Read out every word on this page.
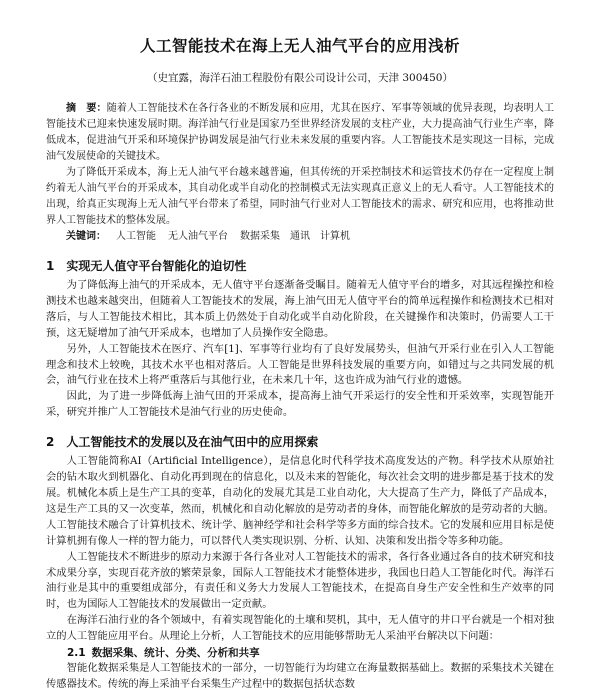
人工智能技术在海上无人油气平台的应用浅析

（史宜露，海洋石油工程股份有限公司设计公司，天津 300450）

摘　要：随着人工智能技术在各行各业的不断发展和应用，尤其在医疗、军事等领域的优异表现，均表明人工智能技术已迎来快速发展时期。海洋油气行业是国家乃至世界经济发展的支柱产业，大力提高油气行业生产率，降低成本，促进油气开采和环境保护协调发展是油气行业未来发展的重要内容。人工智能技术是实现这一目标，完成油气发展使命的关键技术。

为了降低开采成本，海上无人油气平台越来越普遍，但其传统的开采控制技术和运管技术仍存在一定程度上制约着无人油气平台的开采成本，其自动化或半自动化的控制模式无法实现真正意义上的无人看守。人工智能技术的出现，给真正实现海上无人油气平台带来了希望，同时油气行业对人工智能技术的需求、研究和应用，也将推动世界人工智能技术的整体发展。

关键词： 人工智能 无人油气平台 数据采集　通讯　计算机

1 实现无人值守平台智能化的迫切性

为了降低海上油气的开采成本，无人值守平台逐渐备受瞩目。随着无人值守平台的增多，对其远程操控和检测技术也越来越突出，但随着人工智能技术的发展，海上油气田无人值守平台的简单远程操作和检测技术已相对落后，与人工智能技术相比，其本质上仍然处于自动化或半自动化阶段，在关键操作和决策时，仍需要人工干预，这无疑增加了油气开采成本，也增加了人员操作安全隐患。

另外，人工智能技术在医疗、汽车[1]、军事等行业均有了良好发展势头，但油气开采行业在引入人工智能理念和技术上较晚，其技术水平也相对落后。人工智能是世界科技发展的重要方向，如错过与之共同发展的机会，油气行业在技术上将严重落后与其他行业，在未来几十年，这也许成为油气行业的遗憾。

因此，为了进一步降低海上油气田的开采成本，提高海上油气开采运行的安全性和开采效率，实现智能开采，研究并推广人工智能技术是油气行业的历史使命。

2 人工智能技术的发展以及在油气田中的应用探索

人工智能简称AI（Artificial Intelligence），是信息化时代科学技术高度发达的产物。科学技术从原始社会的钻木取火到机器化、自动化再到现在的信息化，以及未来的智能化，每次社会文明的进步都是基于技术的发展。机械化本质上是生产工具的变革，自动化的发展尤其是工业自动化，大大提高了生产力，降低了产品成本，这是生产工具的又一次变革，然而，机械化和自动化解放的是劳动者的身体，而智能化解放的是劳动者的大脑。人工智能技术融合了计算机技术、统计学、脑神经学和社会科学等多方面的综合技术。它的发展和应用目标是使计算机拥有像人一样的智力能力，可以替代人类实现识别、分析、认知、决策和发出指令等多种功能。

人工智能技术不断进步的原动力来源于各行各业对人工智能技术的需求，各行各业通过各自的技术研究和技术成果分享，实现百花齐放的繁荣景象，国际人工智能技术才能整体进步，我国也日趋人工智能化时代。海洋石油行业是其中的重要组成部分，有责任和义务大力发展人工智能技术，在提高自身生产安全性和生产效率的同时，也为国际人工智能技术的发展做出一定贡献。

在海洋石油行业的各个领域中，有着实现智能化的土壤和契机，其中，无人值守的井口平台就是一个相对独立的人工智能应用平台。从理论上分析，人工智能技术的应用能够帮助无人采油平台解决以下问题：

2.1 数据采集、统计、分类、分析和共享

智能化数据采集是人工智能技术的一部分，一切智能行为均建立在海量数据基础上。数据的采集技术关键在传感器技术。传统的海上采油平台采集生产过程中的数据包括状态数
